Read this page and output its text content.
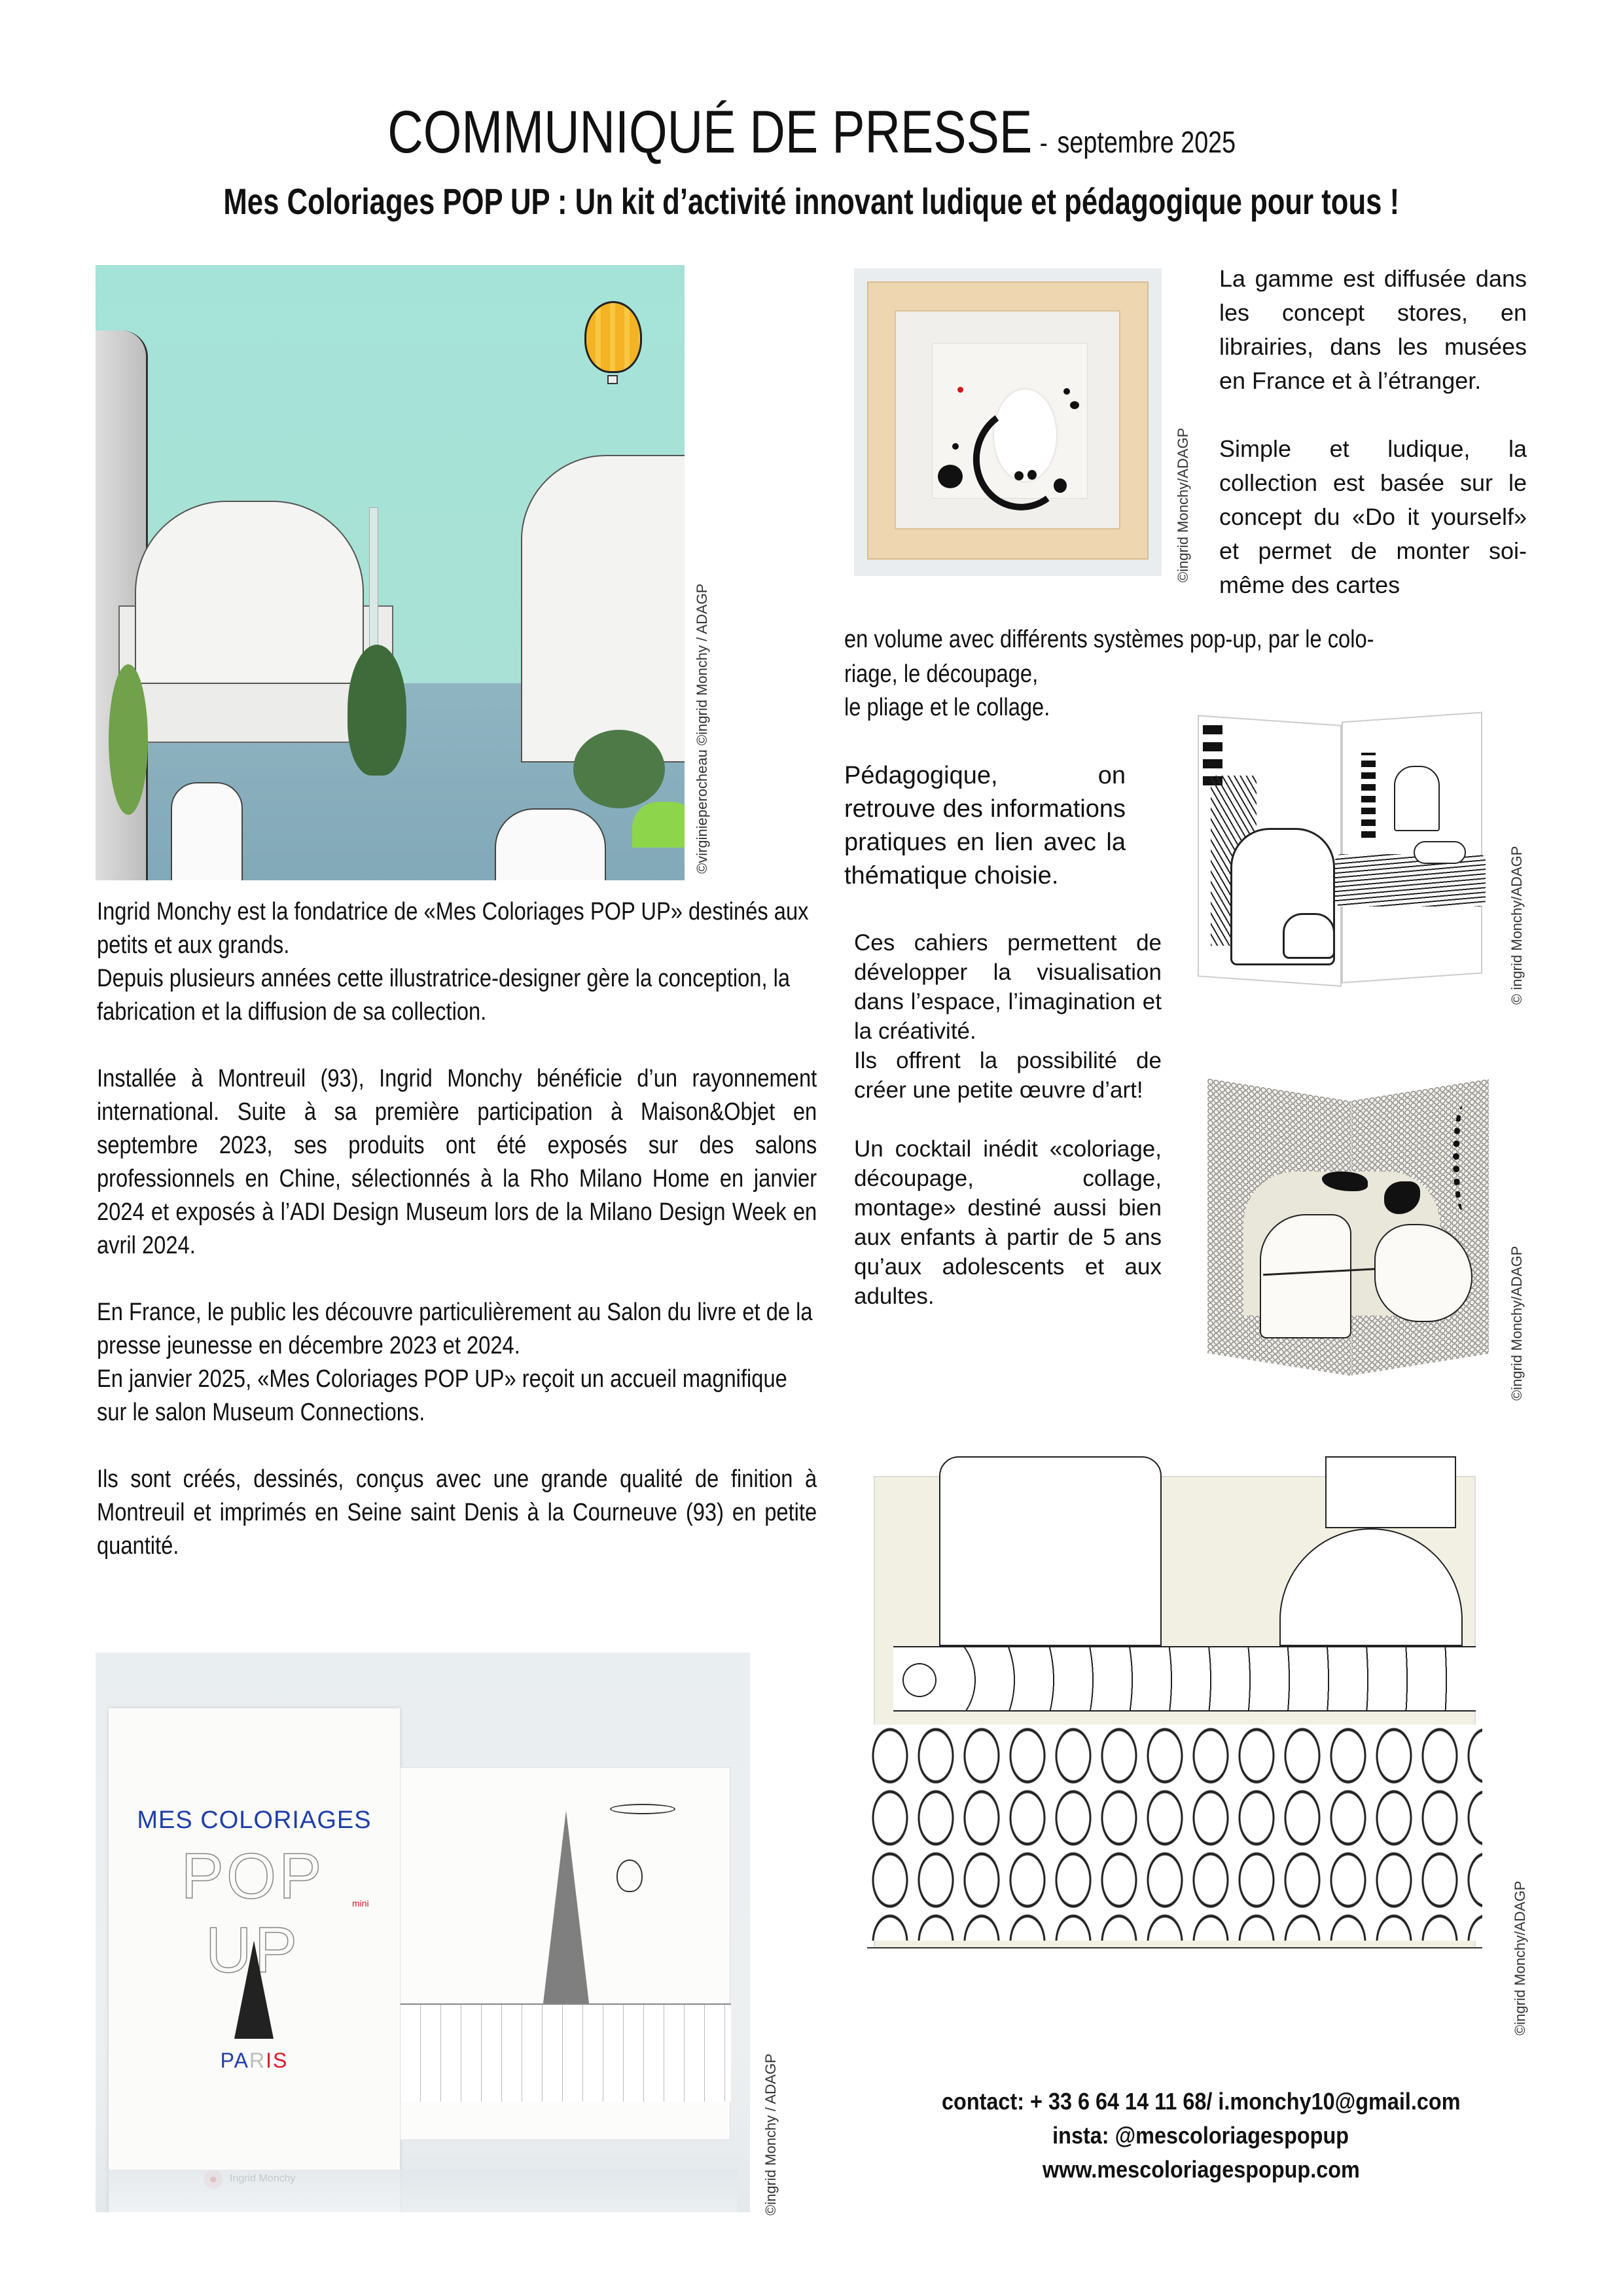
COMMUNIQUÉ DE PRESSE - septembre 2025
Mes Coloriages POP UP : Un kit d’activité innovant ludique et pédagogique pour tous !
©virginieperocheau ©ingrid Monchy / ADAGP
©ingrid Monchy/ADAGP

La gamme est diffusée dans les concept stores, en librairies, dans les musées en France et à l’étranger.

Simple et ludique, la collection est basée sur le concept du «Do it yourself» et permet de monter soi-même des cartes

en volume avec différents systèmes pop-up, par le colo-
riage, le découpage,
le pliage et le collage.
Pédagogique, on retrouve des informations pratiques en lien avec la thématique choisie.	© ingrid Monchy/ADAGP

Ces cahiers permettent de développer la visualisation dans l’espace, l’imagination et la créativité.

Ils offrent la possibilité de créer une petite œuvre d’art!

Un cocktail inédit «coloriage, découpage, collage, montage» destiné aussi bien aux enfants à partir de 5 ans qu’aux adolescents et aux adultes.	©ingrid Monchy/ADAGP
Ingrid Monchy est la fondatrice de «Mes Coloriages POP UP» destinés aux petits et aux grands.
Depuis plusieurs années cette illustratrice-designer gère la conception, la fabrication et la diffusion de sa collection.
Installée à Montreuil (93), Ingrid Monchy bénéficie d’un rayonnement international. Suite à sa première participation à Maison&Objet en septembre 2023, ses produits ont été exposés sur des salons professionnels en Chine, sélectionnés à la Rho Milano Home en janvier 2024 et exposés à l’ADI Design Museum lors de la Milano Design Week en avril 2024.
En France, le public les découvre particulièrement au Salon du livre et de la presse jeunesse en décembre 2023 et 2024.
En janvier 2025, «Mes Coloriages POP UP» reçoit un accueil magnifique sur le salon Museum Connections.
Ils sont créés, dessinés, conçus avec une grande qualité de finition à Montreuil et imprimés en Seine saint Denis à la Courneuve (93) en petite quantité.
©ingrid Monchy/ADAGP
MES COLORIAGES
POP UP
mini
PARIS	©ingrid Monchy / ADAGP	contact: + 33 6 64 14 11 68/ i.monchy10@gmail.com
insta: @mescoloriagespopup
www.mescoloriagespopup.com
